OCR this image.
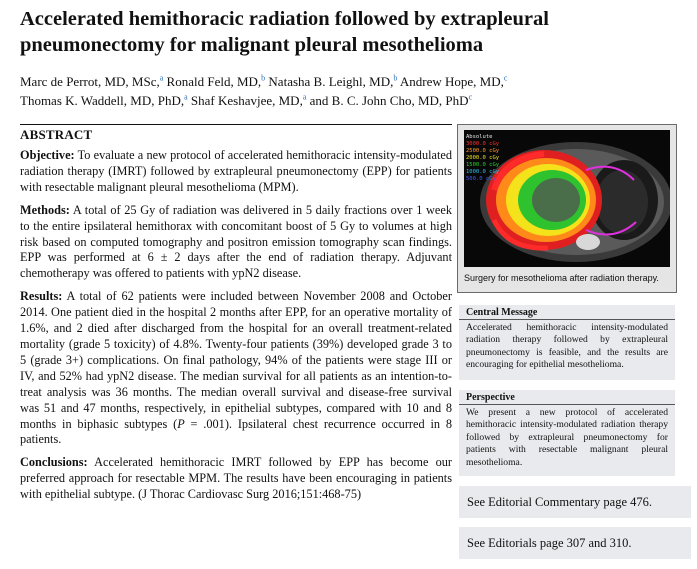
Accelerated hemithoracic radiation followed by extrapleural pneumonectomy for malignant pleural mesothelioma
Marc de Perrot, MD, MSc,$^a$ Ronald Feld, MD,$^b$ Natasha B. Leighl, MD,$^b$ Andrew Hope, MD,$^c$
Thomas K. Waddell, MD, PhD,$^a$ Shaf Keshavjee, MD,$^a$ and B. C. John Cho, MD, PhD$^c$
ABSTRACT

Objective: To evaluate a new protocol of accelerated hemithoracic intensity-modulated radiation therapy (IMRT) followed by extrapleural pneumonectomy (EPP) for patients with resectable malignant pleural mesothelioma (MPM).

Methods: A total of 25 Gy of radiation was delivered in 5 daily fractions over 1 week to the entire ipsilateral hemithorax with concomitant boost of 5 Gy to volumes at high risk based on computed tomography and positron emission tomography scan findings. EPP was performed at 6 ± 2 days after the end of radiation therapy. Adjuvant chemotherapy was offered to patients with ypN2 disease.

Results: A total of 62 patients were included between November 2008 and October 2014. One patient died in the hospital 2 months after EPP, for an operative mortality of 1.6%, and 2 died after discharged from the hospital for an overall treatment-related mortality (grade 5 toxicity) of 4.8%. Twenty-four patients (39%) developed grade 3 to 5 (grade 3+) complications. On final pathology, 94% of the patients were stage III or IV, and 52% had ypN2 disease. The median survival for all patients as an intention-to-treat analysis was 36 months. The median overall survival and disease-free survival was 51 and 47 months, respectively, in epithelial subtypes, compared with 10 and 8 months in biphasic subtypes (P = .001). Ipsilateral chest recurrence occurred in 8 patients.

Conclusions: Accelerated hemithoracic IMRT followed by EPP has become our preferred approach for resectable MPM. The results have been encouraging in patients with epithelial subtype. (J Thorac Cardiovasc Surg 2016;151:468-75)

Absolute
3000.0 cGy
2500.0 cGy
2000.0 cGy
1500.0 cGy
1000.0 cGy
500.0 cGy
Surgery for mesothelioma after radiation therapy.
Central Message
Accelerated hemithoracic intensity-modulated radiation therapy followed by extrapleural pneumonectomy is feasible, and the results are encouraging for epithelial mesothelioma.
Perspective
We present a new protocol of accelerated hemithoracic intensity-modulated radiation therapy followed by extrapleural pneumonectomy for patients with resectable malignant pleural mesothelioma.
See Editorial Commentary page 476.
See Editorials page 307 and 310.
